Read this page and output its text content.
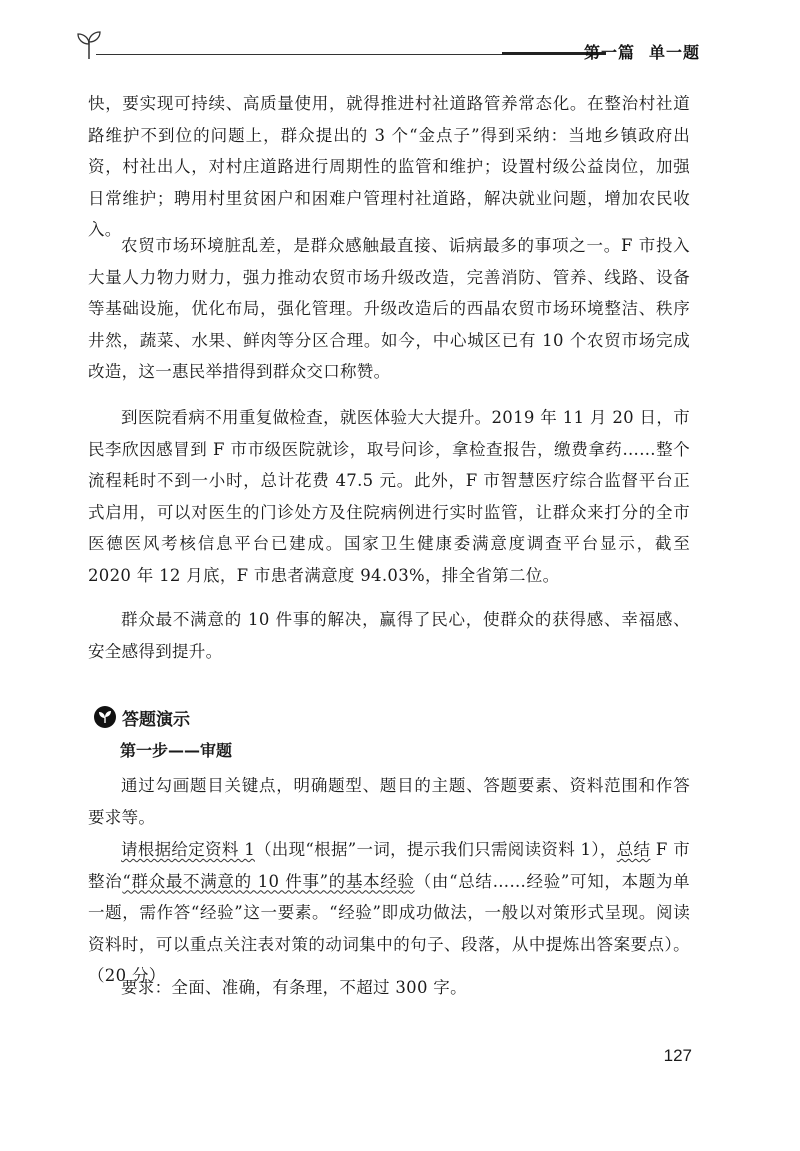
第一篇 单一题

快，要实现可持续、高质量使用，就得推进村社道路管养常态化。在整治村社道路维护不到位的问题上，群众提出的 3 个“金点子”得到采纳：当地乡镇政府出资，村社出人，对村庄道路进行周期性的监管和维护；设置村级公益岗位，加强日常维护；聘用村里贫困户和困难户管理村社道路，解决就业问题，增加农民收入。

农贸市场环境脏乱差，是群众感触最直接、诟病最多的事项之一。F 市投入大量人力物力财力，强力推动农贸市场升级改造，完善消防、管养、线路、设备等基础设施，优化布局，强化管理。升级改造后的西晶农贸市场环境整洁、秩序井然，蔬菜、水果、鲜肉等分区合理。如今，中心城区已有 10 个农贸市场完成改造，这一惠民举措得到群众交口称赞。

到医院看病不用重复做检查，就医体验大大提升。2019 年 11 月 20 日，市民李欣因感冒到 F 市市级医院就诊，取号问诊，拿检查报告，缴费拿药……整个流程耗时不到一小时，总计花费 47.5 元。此外，F 市智慧医疗综合监督平台正式启用，可以对医生的门诊处方及住院病例进行实时监管，让群众来打分的全市医德医风考核信息平台已建成。国家卫生健康委满意度调查平台显示，截至 2020 年 12 月底，F 市患者满意度 94.03%，排全省第二位。

群众最不满意的 10 件事的解决，赢得了民心，使群众的获得感、幸福感、安全感得到提升。

答题演示
第一步——审题

通过勾画题目关键点，明确题型、题目的主题、答题要素、资料范围和作答要求等。

请根据给定资料 1（出现“根据”一词，提示我们只需阅读资料 1），总结 F 市整治“群众最不满意的 10 件事”的基本经验（由“总结……经验”可知，本题为单一题，需作答“经验”这一要素。“经验”即成功做法，一般以对策形式呈现。阅读资料时，可以重点关注表对策的动词集中的句子、段落，从中提炼出答案要点）。（20 分）

要求：全面、准确，有条理，不超过 300 字。

127
